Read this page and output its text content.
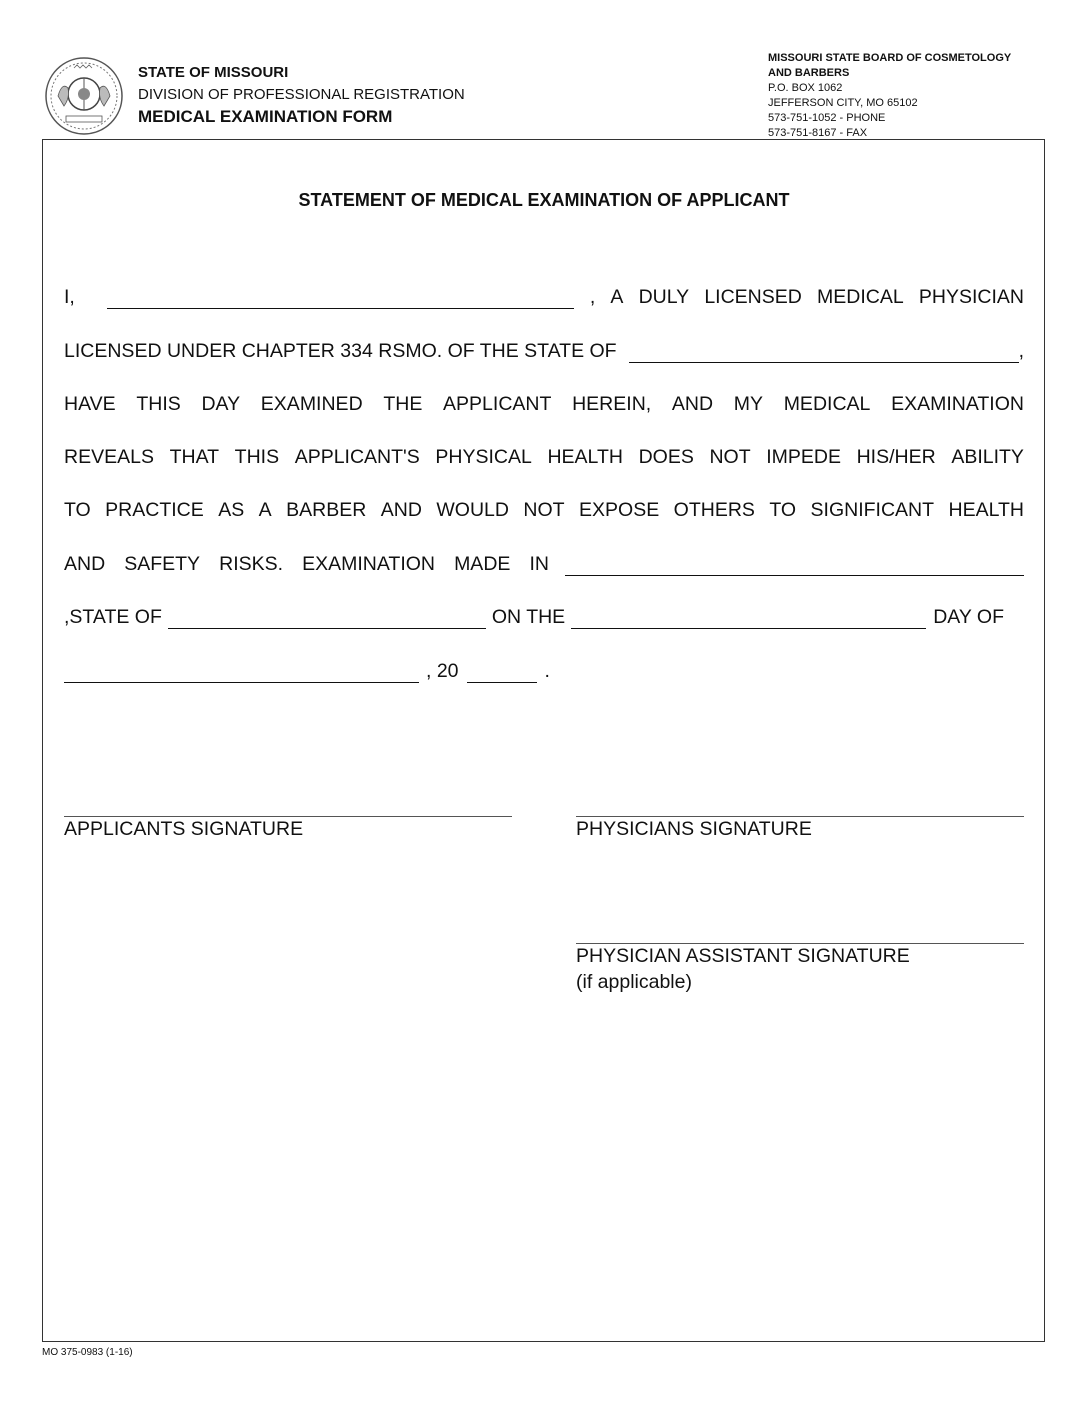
STATE OF MISSOURI
DIVISION OF PROFESSIONAL REGISTRATION
MEDICAL EXAMINATION FORM
MISSOURI STATE BOARD OF COSMETOLOGY
AND BARBERS
P.O. BOX 1062
JEFFERSON CITY, MO 65102
573-751-1052 - PHONE
573-751-8167 - FAX
STATEMENT OF MEDICAL EXAMINATION OF APPLICANT
I,	, A DULY LICENSED MEDICAL PHYSICIAN
LICENSED UNDER CHAPTER 334 RSMO. OF THE STATE OF	,
HAVE THIS DAY EXAMINED THE APPLICANT HEREIN, AND MY MEDICAL EXAMINATION
REVEALS THAT THIS APPLICANT'S PHYSICAL HEALTH DOES NOT IMPEDE HIS/HER ABILITY
TO PRACTICE AS A BARBER AND WOULD NOT EXPOSE OTHERS TO SIGNIFICANT HEALTH
AND SAFETY RISKS. EXAMINATION MADE IN
,STATE OF	ON THE	DAY OF
, 20	.
APPLICANTS SIGNATURE	PHYSICIANS SIGNATURE
PHYSICIAN ASSISTANT SIGNATURE
(if applicable)
MO 375-0983 (1-16)
